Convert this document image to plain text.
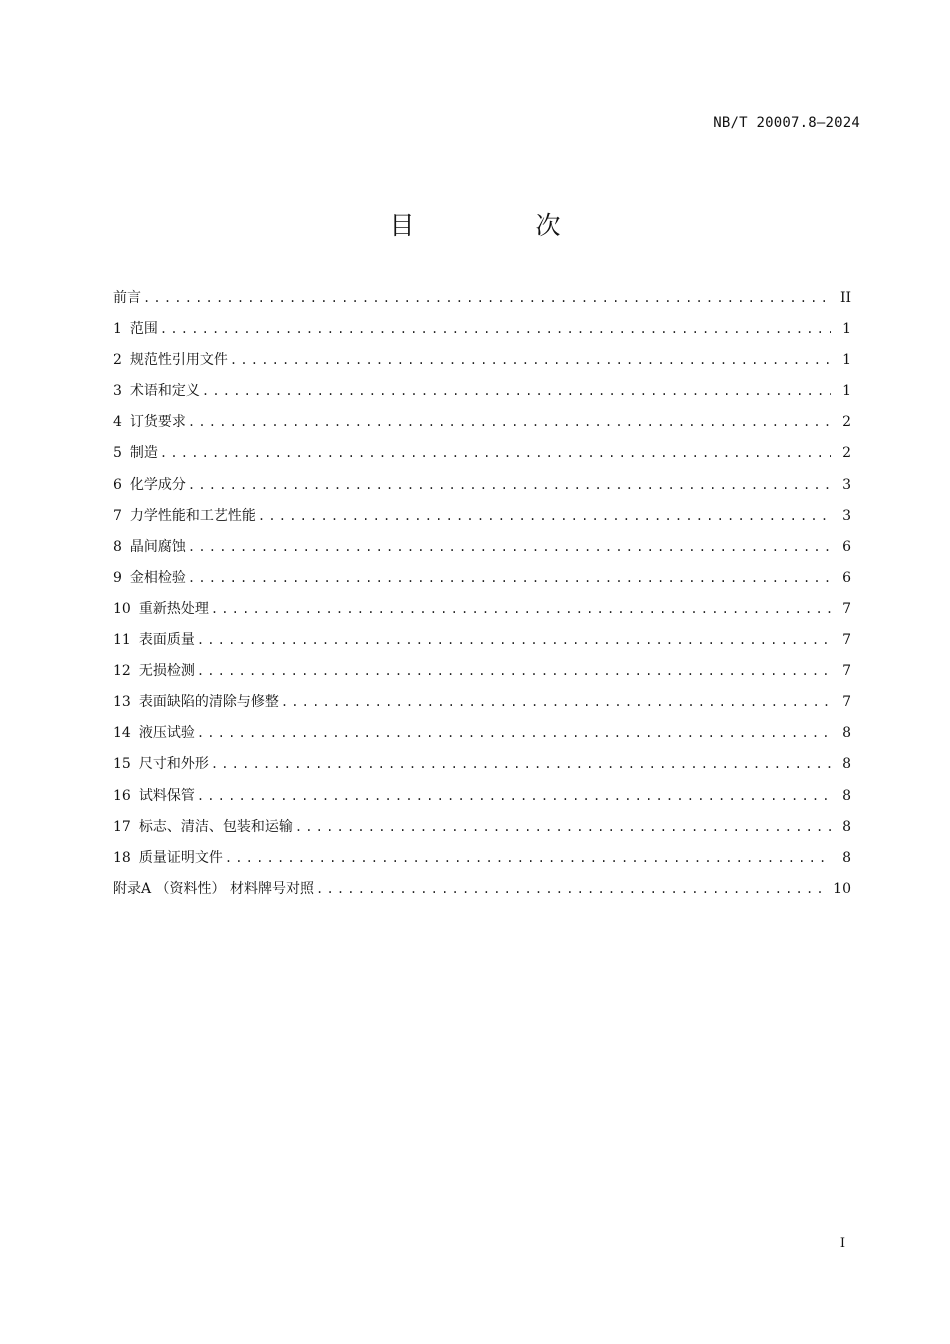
NB/T 20007.8—2024
目　次
前言 .....	II
1 范围 .....	1
2 规范性引用文件 .....	1
3 术语和定义 .....	1
4 订货要求 .....	2
5 制造 .....	2
6 化学成分 .....	3
7 力学性能和工艺性能 .....	3
8 晶间腐蚀 .....	6
9 金相检验 .....	6
10 重新热处理 .....	7
11 表面质量 .....	7
12 无损检测 .....	7
13 表面缺陷的清除与修整 .....	7
14 液压试验 .....	8
15 尺寸和外形 .....	8
16 试料保管 .....	8
17 标志、清洁、包装和运输 .....	8
18 质量证明文件 .....	8
附录A （资料性） 材料牌号对照 .....	10
I
